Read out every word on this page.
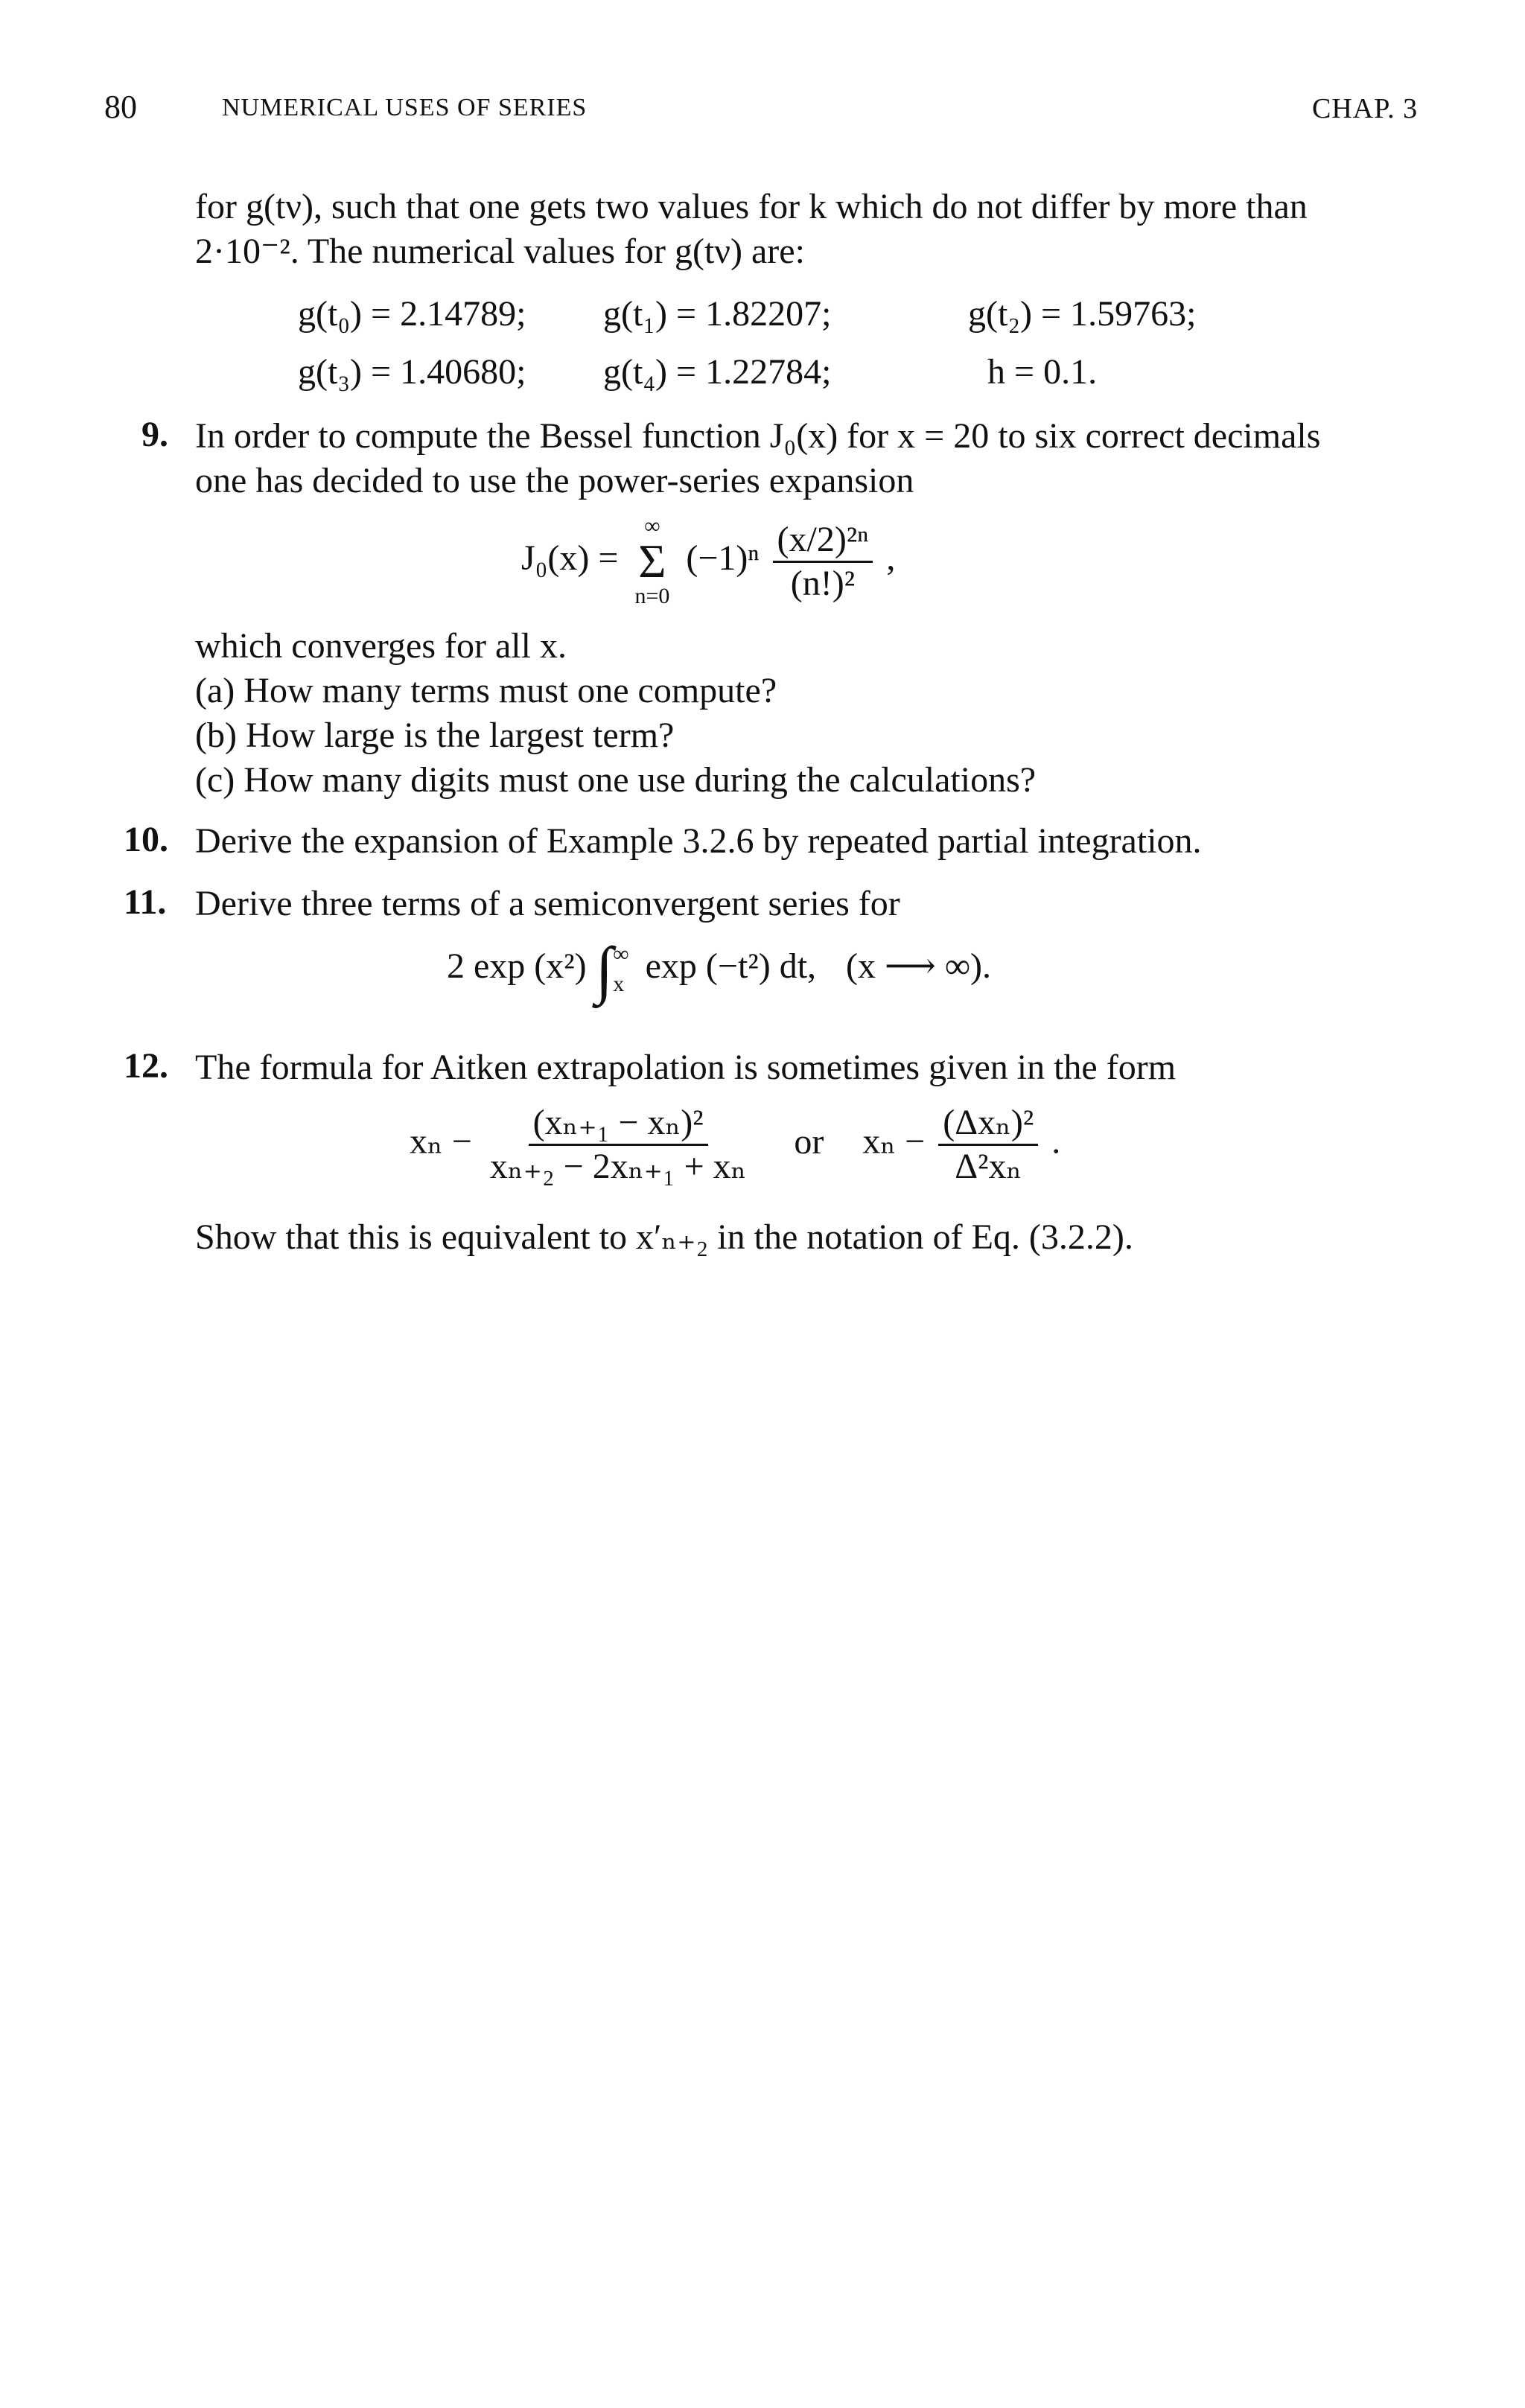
80	NUMERICAL USES OF SERIES	CHAP. 3
for g(tν), such that one gets two values for k which do not differ by more than
2·10⁻². The numerical values for g(tν) are:
g(t₀) = 2.14789; g(t₁) = 1.82207;	g(t₂) = 1.59763;
g(t₃) = 1.40680; g(t₄) = 1.22784;	h = 0.1.
9. In order to compute the Bessel function J₀(x) for x = 20 to six correct decimals
one has decided to use the power-series expansion
J₀(x) =
∞
Σ
n=0
$(-1)^n \frac{\text{(x/2)²ⁿ}}{\text{(n!)²}}$ ,
which converges for all x.
(a) How many terms must one compute?
(b) How large is the largest term?
(c) How many digits must one use during the calculations?
10. Derive the expansion of Example 3.2.6 by repeated partial integration.
11. Derive three terms of a semiconvergent series for
2 exp (x²) ∫ ∞
x exp (−t²) dt, (x ⟶ ∞).
12. The formula for Aitken extrapolation is sometimes given in the form
$x_n - \frac{\text{(xₙ₊₁ − xₙ)²}}{\text{xₙ₊₂ − 2xₙ₊₁ + xₙ}}$ or $x_n - \frac{\text{(Δxₙ)²}}{\text{Δ²xₙ}}$ .
Show that this is equivalent to x′ₙ₊₂ in the notation of Eq. (3.2.2).
